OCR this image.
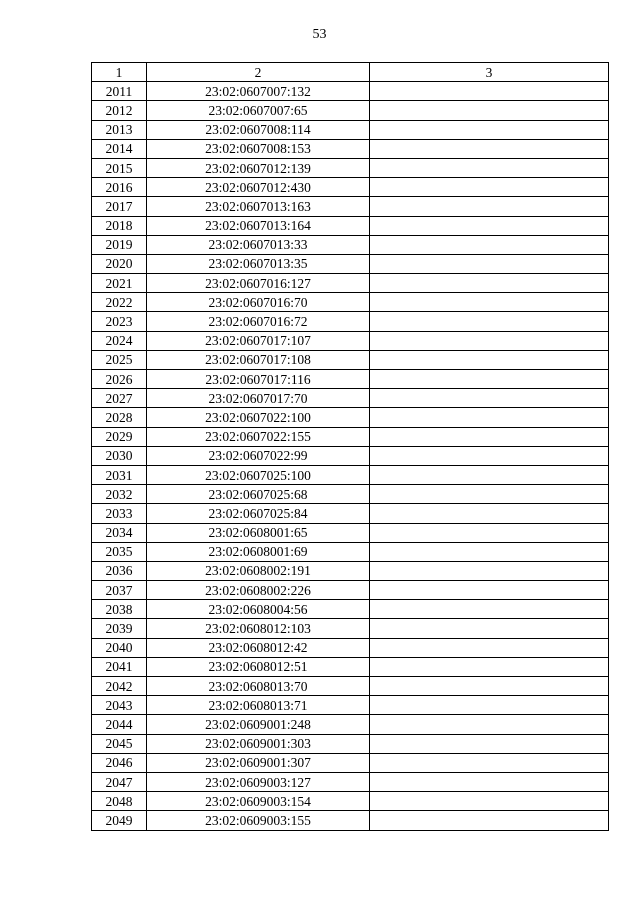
53
1	2	3
2011	23:02:0607007:132	
2012	23:02:0607007:65	
2013	23:02:0607008:114	
2014	23:02:0607008:153	
2015	23:02:0607012:139	
2016	23:02:0607012:430	
2017	23:02:0607013:163	
2018	23:02:0607013:164	
2019	23:02:0607013:33	
2020	23:02:0607013:35	
2021	23:02:0607016:127	
2022	23:02:0607016:70	
2023	23:02:0607016:72	
2024	23:02:0607017:107	
2025	23:02:0607017:108	
2026	23:02:0607017:116	
2027	23:02:0607017:70	
2028	23:02:0607022:100	
2029	23:02:0607022:155	
2030	23:02:0607022:99	
2031	23:02:0607025:100	
2032	23:02:0607025:68	
2033	23:02:0607025:84	
2034	23:02:0608001:65	
2035	23:02:0608001:69	
2036	23:02:0608002:191	
2037	23:02:0608002:226	
2038	23:02:0608004:56	
2039	23:02:0608012:103	
2040	23:02:0608012:42	
2041	23:02:0608012:51	
2042	23:02:0608013:70	
2043	23:02:0608013:71	
2044	23:02:0609001:248	
2045	23:02:0609001:303	
2046	23:02:0609001:307	
2047	23:02:0609003:127	
2048	23:02:0609003:154	
2049	23:02:0609003:155	
